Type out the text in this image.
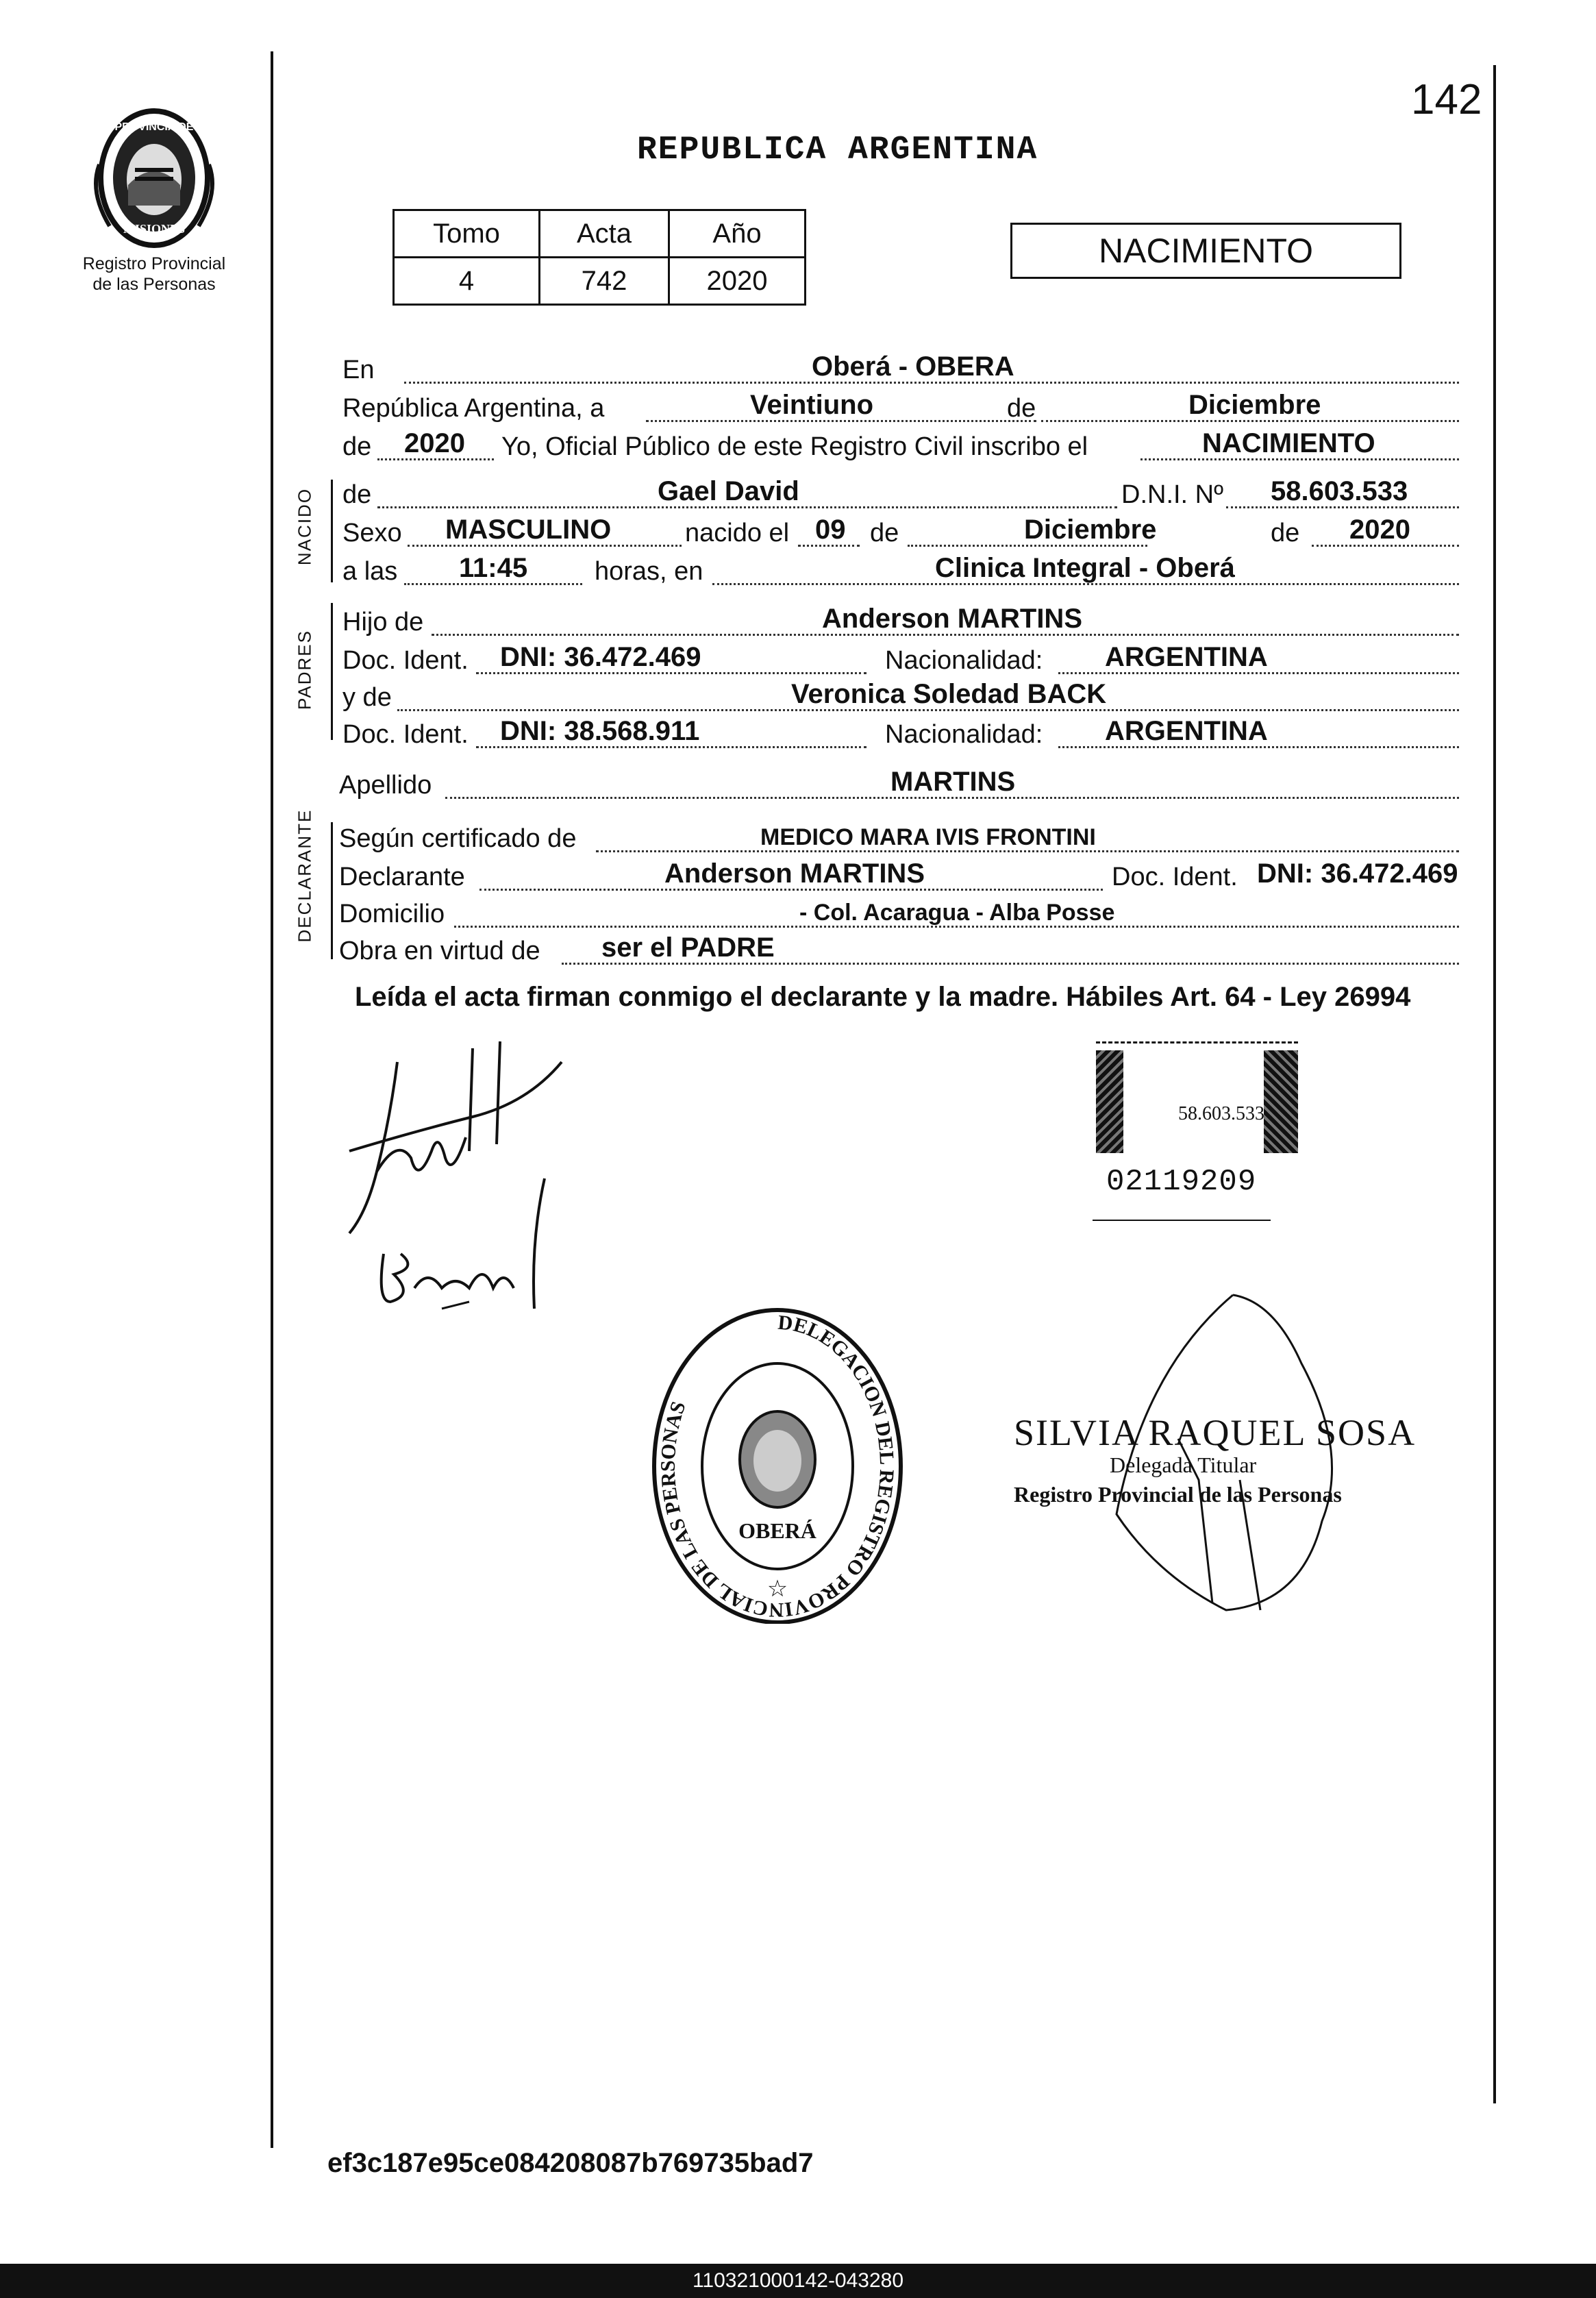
PROVINCIA DE
MISIONES
Registro Provincial
de las Personas
142
REPUBLICA ARGENTINA
Tomo	Acta	Año
4	742	2020
NACIMIENTO
NACIDO
PADRES
DECLARANTE
En	Oberá - OBERA
República Argentina, a	Veintiuno	de	Diciembre
de 2020 Yo, Oficial Público de este Registro Civil inscribo el	NACIMIENTO
de	Gael David	D.N.I. Nº 58.603.533
Sexo MASCULINO	nacido el 09 de	Diciembre	de 2020
a las 11:45	horas, en	Clinica Integral - Oberá
Hijo de	Anderson MARTINS
Doc. Ident. DNI: 36.472.469	Nacionalidad: ARGENTINA
y de	Veronica Soledad BACK
Doc. Ident. DNI: 38.568.911	Nacionalidad: ARGENTINA
Apellido	MARTINS
Según certificado de	MEDICO MARA IVIS FRONTINI
Declarante	Anderson MARTINS	Doc. Ident. DNI: 36.472.469
Domicilio	- Col. Acaragua - Alba Posse
Obra en virtud de ser el PADRE
Leída el acta firman conmigo el declarante y la madre. Hábiles Art. 64 - Ley 26994
58.603.533
02119209
DELEGACION DEL REGISTRO PROVINCIAL DE LAS PERSONAS
OBERÁ
☆
SILVIA RAQUEL SOSA
Delegada Titular
Registro Provincial de las Personas
ef3c187e95ce084208087b769735bad7
110321000142-043280
